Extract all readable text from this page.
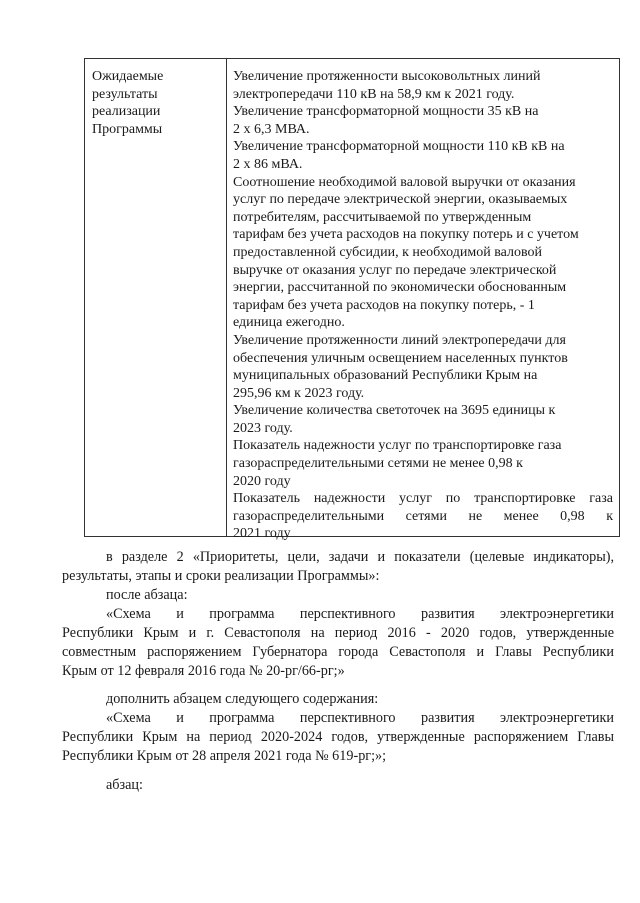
Ожидаемые
результаты
реализации
Программы
Увеличение протяженности высоковольтных линий
электропередачи 110 кВ на 58,9 км к 2021 году.
Увеличение трансформаторной мощности 35 кВ на
2 х 6,3 МВА.
Увеличение трансформаторной мощности 110 кВ кВ на
2 х 86 мВА.
Соотношение необходимой валовой выручки от оказания
услуг по передаче электрической энергии, оказываемых
потребителям, рассчитываемой по утвержденным
тарифам без учета расходов на покупку потерь и с учетом
предоставленной субсидии, к необходимой валовой
выручке от оказания услуг по передаче электрической
энергии, рассчитанной по экономически обоснованным
тарифам без учета расходов на покупку потерь, - 1
единица ежегодно.
Увеличение протяженности линий электропередачи для
обеспечения уличным освещением населенных пунктов
муниципальных образований Республики Крым на
295,96 км к 2023 году.
Увеличение количества светоточек на 3695 единицы к
2023 году.
Показатель надежности услуг по транспортировке газа
газораспределительными сетями не менее 0,98 к
2020 году
Показатель надежности услуг по транспортировке газа
газораспределительными сетями не менее 0,98 к
2021 году
в разделе 2 «Приоритеты, цели, задачи и показатели (целевые индикаторы),
результаты, этапы и сроки реализации Программы»:
после абзаца:
«Схема и программа перспективного развития электроэнергетики
Республики Крым и г. Севастополя на период 2016 - 2020 годов, утвержденные
совместным распоряжением Губернатора города Севастополя и Главы Республики
Крым от 12 февраля 2016 года № 20-рг/66-рг;»
дополнить абзацем следующего содержания:
«Схема и программа перспективного развития электроэнергетики
Республики Крым на период 2020-2024 годов, утвержденные распоряжением Главы
Республики Крым от 28 апреля 2021 года № 619-рг;»;
абзац:
